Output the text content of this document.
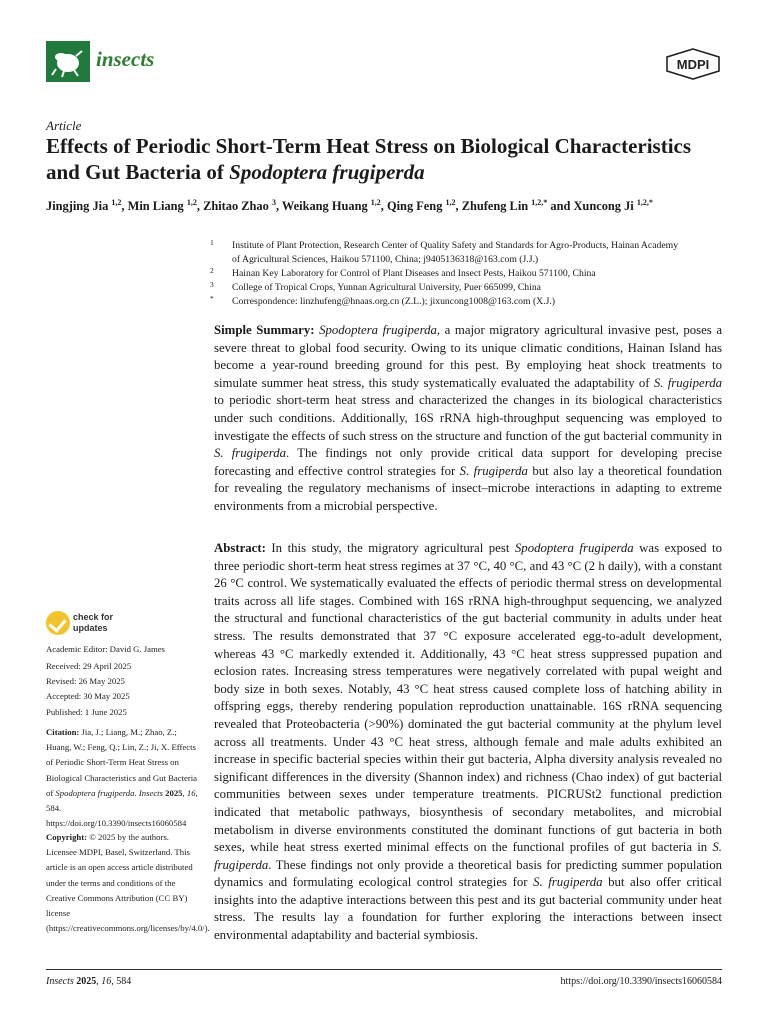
insects	MDPI
Article
Effects of Periodic Short-Term Heat Stress on Biological Characteristics and Gut Bacteria of Spodoptera frugiperda
Jingjing Jia $^{1,2}$, Min Liang $^{1,2}$, Zhitao Zhao $^3$, Weikang Huang $^{1,2}$, Qing Feng $^{1,2}$, Zhufeng Lin $^{1,2,*}$ and Xuncong Ji $^{1,2,*}$
1 Institute of Plant Protection, Research Center of Quality Safety and Standards for Agro-Products, Hainan Academy of Agricultural Sciences, Haikou 571100, China; j9405136318@163.com (J.J.)
2 Hainan Key Laboratory for Control of Plant Diseases and Insect Pests, Haikou 571100, China
3 College of Tropical Crops, Yunnan Agricultural University, Puer 665099, China
* Correspondence: linzhufeng@hnaas.org.cn (Z.L.); jixuncong1008@163.com (X.J.)

Simple Summary: Spodoptera frugiperda, a major migratory agricultural invasive pest, poses a severe threat to global food security. Owing to its unique climatic conditions, Hainan Island has become a year-round breeding ground for this pest. By employing heat shock treatments to simulate summer heat stress, this study systematically evaluated the adaptability of S. frugiperda to periodic short-term heat stress and characterized the changes in its biological characteristics under such conditions. Additionally, 16S rRNA high-throughput sequencing was employed to investigate the effects of such stress on the structure and function of the gut bacterial community in S. frugiperda. The findings not only provide critical data support for developing precise forecasting and effective control strategies for S. frugiperda but also lay a theoretical foundation for revealing the regulatory mechanisms of insect–microbe interactions in adapting to extreme environments from a microbial perspective.

Abstract: In this study, the migratory agricultural pest Spodoptera frugiperda was exposed to three periodic short-term heat stress regimes at 37 °C, 40 °C, and 43 °C (2 h daily), with a constant 26 °C control. We systematically evaluated the effects of periodic thermal stress on developmental traits across all life stages. Combined with 16S rRNA high-throughput sequencing, we analyzed the structural and functional characteristics of the gut bacterial community in adults under heat stress. The results demonstrated that 37 °C exposure accelerated egg-to-adult development, whereas 43 °C markedly extended it. Additionally, 43 °C heat stress suppressed pupation and eclosion rates. Increasing stress temperatures were negatively correlated with pupal weight and body size in both sexes. Notably, 43 °C heat stress caused complete loss of hatching ability in offspring eggs, thereby rendering population reproduction unattainable. 16S rRNA sequencing revealed that Proteobacteria (>90%) dominated the gut bacterial community at the phylum level across all treatments. Under 43 °C heat stress, although female and male adults exhibited an increase in specific bacterial species within their gut bacteria, Alpha diversity analysis revealed no significant differences in the diversity (Shannon index) and richness (Chao index) of gut bacterial communities between sexes under temperature treatments. PICRUSt2 functional prediction indicated that metabolic pathways, biosynthesis of secondary metabolites, and microbial metabolism in diverse environments constituted the dominant functions of gut bacteria in both sexes, while heat stress exerted minimal effects on the functional profiles of gut bacteria in S. frugiperda. These findings not only provide a theoretical basis for predicting summer population dynamics and formulating ecological control strategies for S. frugiperda but also offer critical insights into the adaptive interactions between this pest and its gut bacterial community under heat stress. The results lay a foundation for further exploring the interactions between insect environmental adaptability and bacterial symbiosis.

check for
updates

Academic Editor: David G. James

Received: 29 April 2025
Revised: 26 May 2025
Accepted: 30 May 2025
Published: 1 June 2025

Citation: Jia, J.; Liang, M.; Zhao, Z.; Huang, W.; Feng, Q.; Lin, Z.; Ji, X. Effects of Periodic Short-Term Heat Stress on Biological Characteristics and Gut Bacteria of Spodoptera frugiperda. Insects 2025, 16, 584. https://doi.org/10.3390/insects16060584

Copyright: © 2025 by the authors. Licensee MDPI, Basel, Switzerland. This article is an open access article distributed under the terms and conditions of the Creative Commons Attribution (CC BY) license (https://creativecommons.org/licenses/by/4.0/).

Insects 2025, 16, 584	https://doi.org/10.3390/insects16060584
